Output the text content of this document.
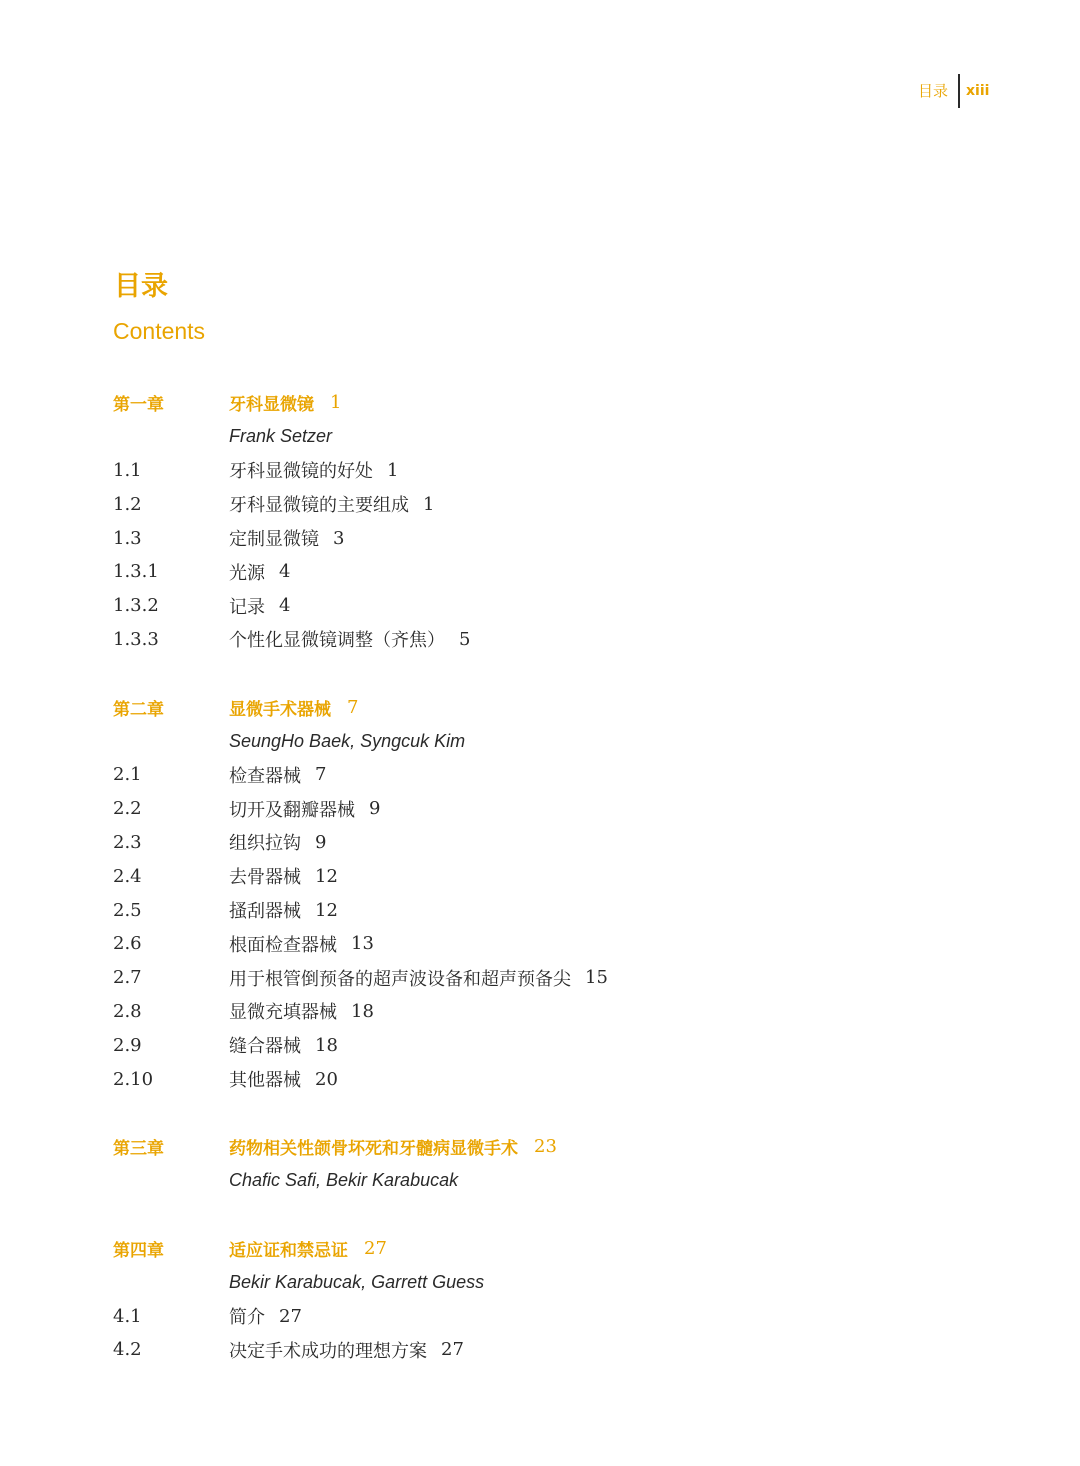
目录	xiii
目录
Contents
第一章	牙科显微镜 1
Frank Setzer
1.1	牙科显微镜的好处 1
1.2	牙科显微镜的主要组成 1
1.3	定制显微镜 3
1.3.1	光源 4
1.3.2	记录 4
1.3.3	个性化显微镜调整（齐焦） 5
第二章	显微手术器械 7
SeungHo Baek, Syngcuk Kim
2.1	检查器械 7
2.2	切开及翻瓣器械 9
2.3	组织拉钩 9
2.4	去骨器械 12
2.5	搔刮器械 12
2.6	根面检查器械 13
2.7	用于根管倒预备的超声波设备和超声预备尖 15
2.8	显微充填器械 18
2.9	缝合器械 18
2.10	其他器械 20
第三章	药物相关性颌骨坏死和牙髓病显微手术 23
Chafic Safi, Bekir Karabucak
第四章	适应证和禁忌证 27
Bekir Karabucak, Garrett Guess
4.1	简介 27
4.2	决定手术成功的理想方案 27
